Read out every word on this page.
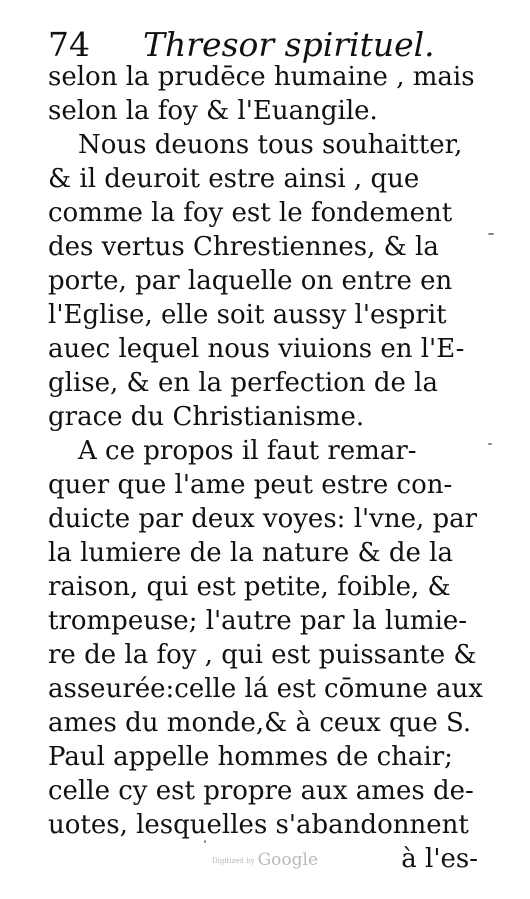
74 Thresor spirituel.
selon la prudēce humaine , mais
selon la foy & l'Euangile.
Nous deuons tous souhaitter,
& il deuroit estre ainsi , que
comme la foy est le fondement
des vertus Chrestiennes, & la
porte, par laquelle on entre en
l'Eglise, elle soit aussy l'esprit
auec lequel nous viuions en l'E-
glise, & en la perfection de la
grace du Christianisme.
A ce propos il faut remar-
quer que l'ame peut estre con-
duicte par deux voyes: l'vne, par
la lumiere de la nature & de la
raison, qui est petite, foible, &
trompeuse; l'autre par la lumie-
re de la foy , qui est puissante &
asseurée:celle lá est cōmune aux
ames du monde,& à ceux que S.
Paul appelle hommes de chair;
celle cy est propre aux ames de-
uotes, lesquelles s'abandonnent
à l'es-
Digitized by Google
